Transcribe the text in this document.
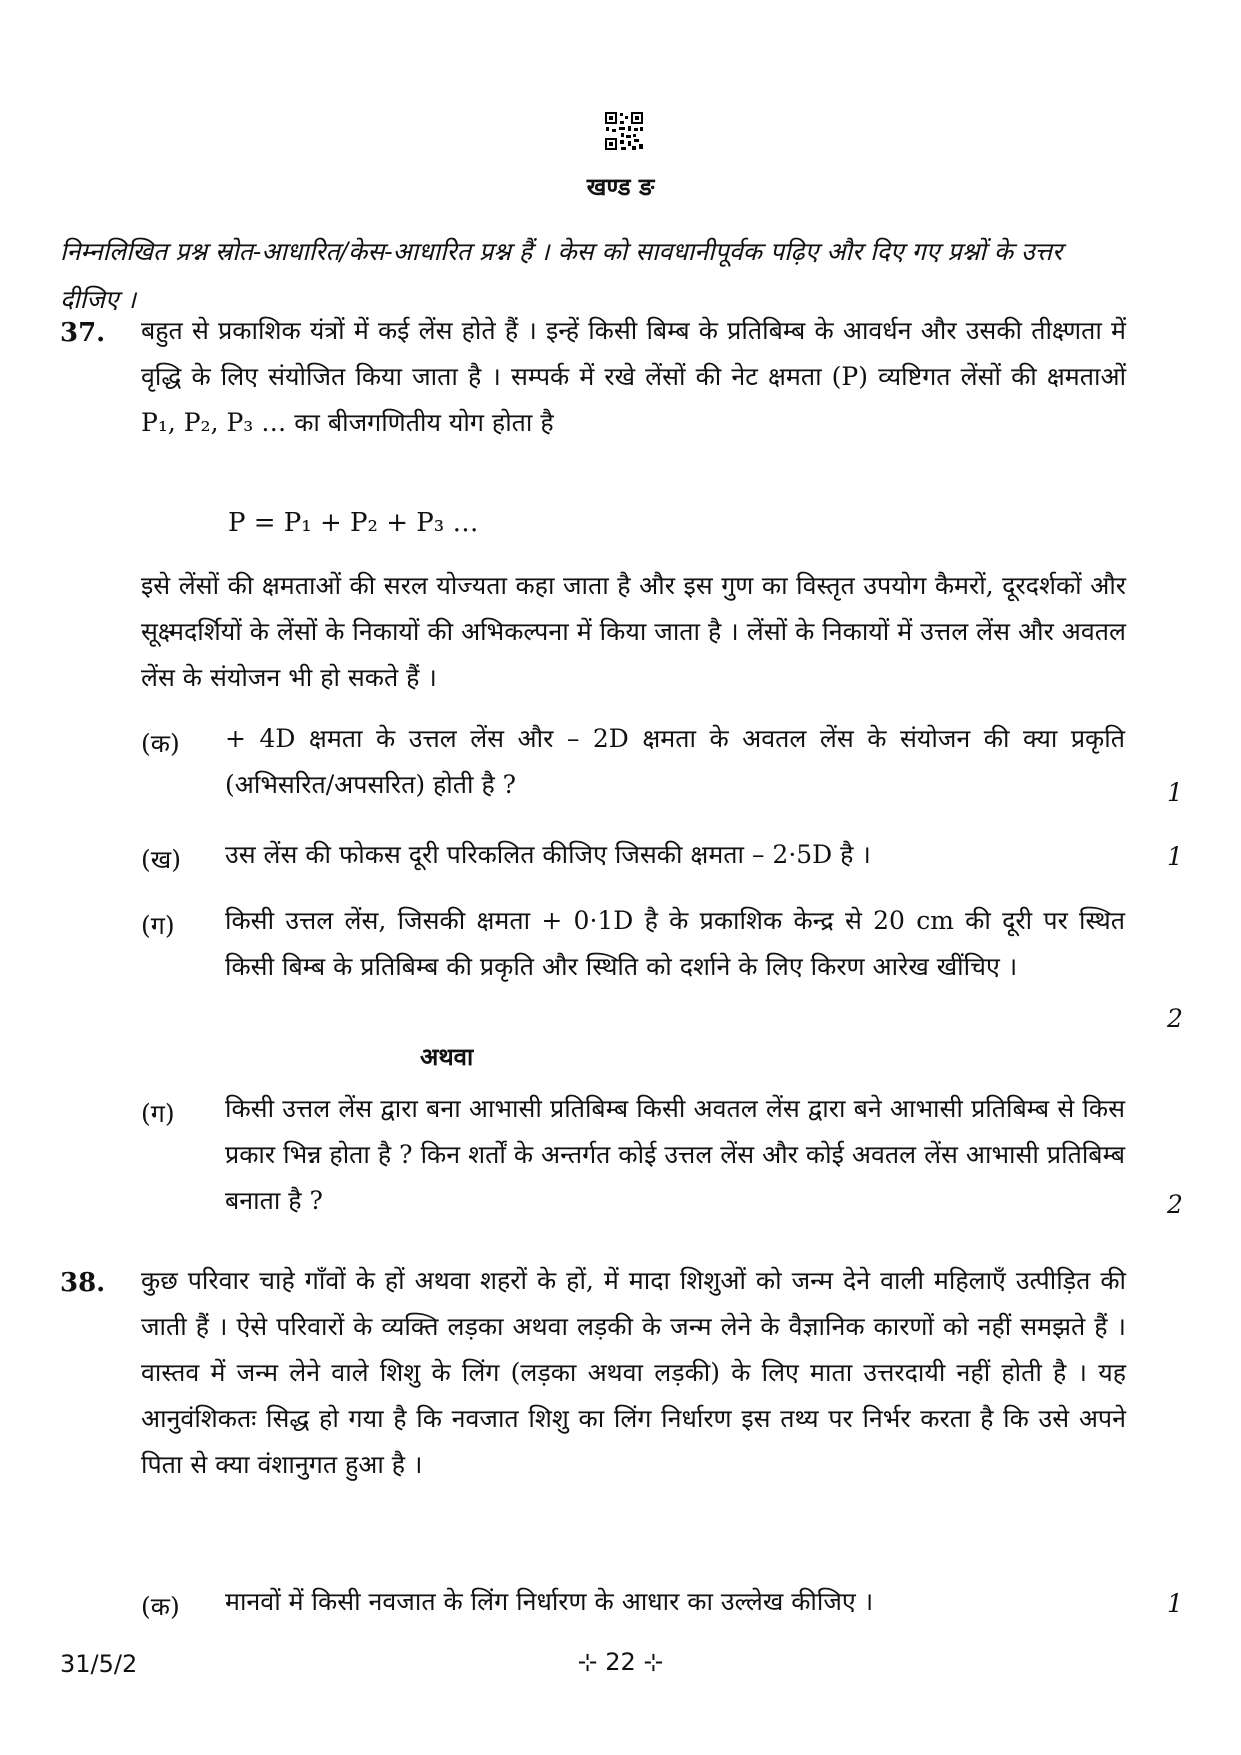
खण्ड ङ
निम्नलिखित प्रश्न स्रोत-आधारित/केस-आधारित प्रश्न हैं । केस को सावधानीपूर्वक पढ़िए और दिए गए प्रश्नों के उत्तर दीजिए ।
37. बहुत से प्रकाशिक यंत्रों में कई लेंस होते हैं । इन्हें किसी बिम्ब के प्रतिबिम्ब के आवर्धन और उसकी तीक्ष्णता में वृद्धि के लिए संयोजित किया जाता है । सम्पर्क में रखे लेंसों की नेट क्षमता (P) व्यष्टिगत लेंसों की क्षमताओं P₁, P₂, P₃ … का बीजगणितीय योग होता है
P = P₁ + P₂ + P₃ …
इसे लेंसों की क्षमताओं की सरल योज्यता कहा जाता है और इस गुण का विस्तृत उपयोग कैमरों, दूरदर्शकों और सूक्ष्मदर्शियों के लेंसों के निकायों की अभिकल्पना में किया जाता है । लेंसों के निकायों में उत्तल लेंस और अवतल लेंस के संयोजन भी हो सकते हैं ।
(क) + 4D क्षमता के उत्तल लेंस और – 2D क्षमता के अवतल लेंस के संयोजन की क्या प्रकृति (अभिसरित/अपसरित) होती है ?	1
(ख) उस लेंस की फोकस दूरी परिकलित कीजिए जिसकी क्षमता – 2·5D है ।	1
(ग) किसी उत्तल लेंस, जिसकी क्षमता + 0·1D है के प्रकाशिक केन्द्र से 20 cm की दूरी पर स्थित किसी बिम्ब के प्रतिबिम्ब की प्रकृति और स्थिति को दर्शाने के लिए किरण आरेख खींचिए ।
2
अथवा
(ग) किसी उत्तल लेंस द्वारा बना आभासी प्रतिबिम्ब किसी अवतल लेंस द्वारा बने आभासी प्रतिबिम्ब से किस प्रकार भिन्न होता है ? किन शर्तों के अन्तर्गत कोई उत्तल लेंस और कोई अवतल लेंस आभासी प्रतिबिम्ब बनाता है ?	2
38. कुछ परिवार चाहे गाँवों के हों अथवा शहरों के हों, में मादा शिशुओं को जन्म देने वाली महिलाएँ उत्पीड़ित की जाती हैं । ऐसे परिवारों के व्यक्ति लड़का अथवा लड़की के जन्म लेने के वैज्ञानिक कारणों को नहीं समझते हैं । वास्तव में जन्म लेने वाले शिशु के लिंग (लड़का अथवा लड़की) के लिए माता उत्तरदायी नहीं होती है । यह आनुवंशिकतः सिद्ध हो गया है कि नवजात शिशु का लिंग निर्धारण इस तथ्य पर निर्भर करता है कि उसे अपने पिता से क्या वंशानुगत हुआ है ।
(क) मानवों में किसी नवजात के लिंग निर्धारण के आधार का उल्लेख कीजिए ।	1
31/5/2	⊹ 22 ⊹
